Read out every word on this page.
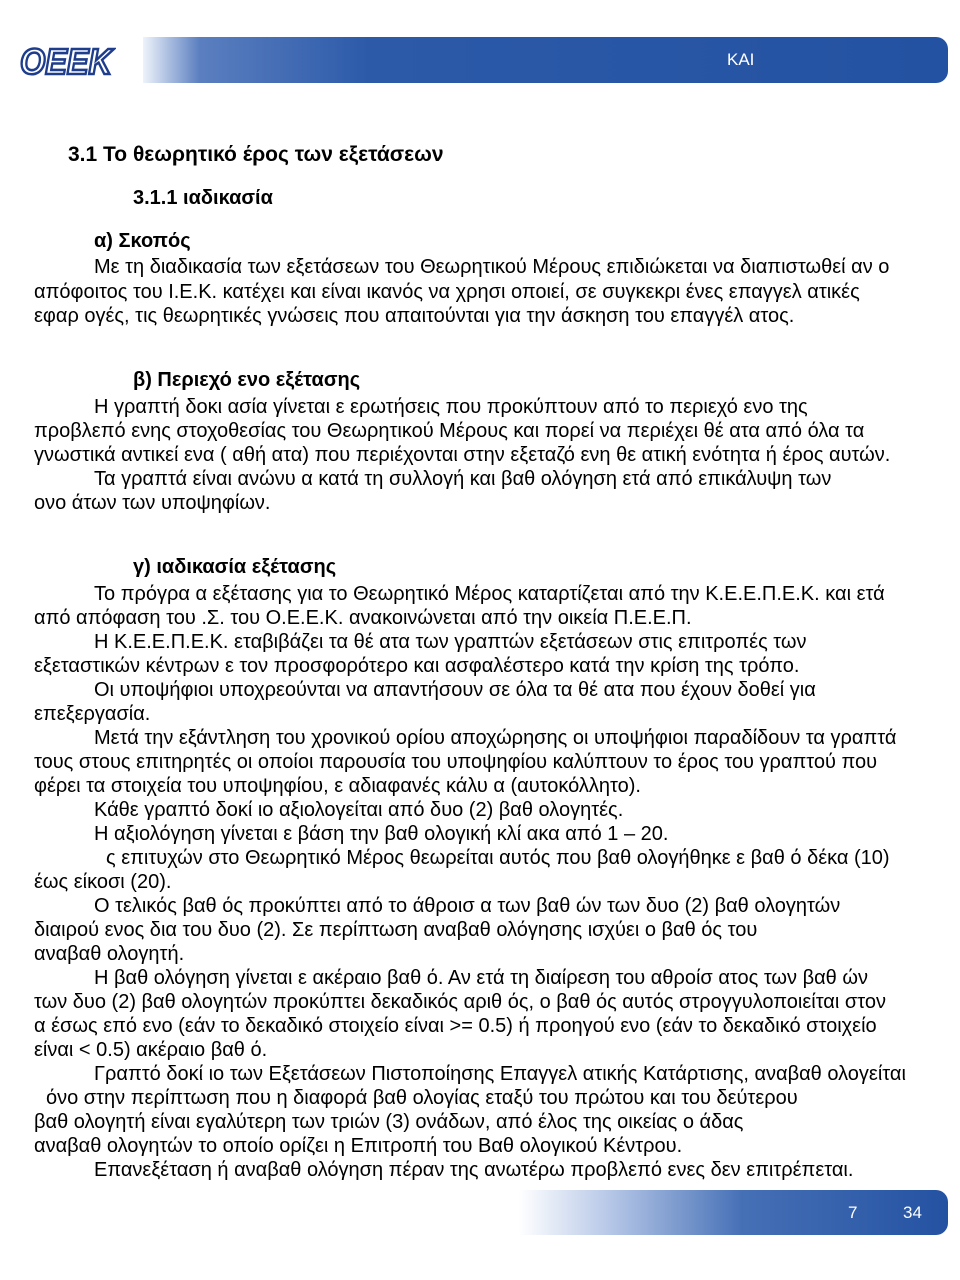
ΟΕΕΚ	ΚΑΙ
3.1 Το θεωρητικό έρος των εξετάσεων
3.1.1 ιαδικασία
α) Σκοπός
Με τη διαδικασία των εξετάσεων του Θεωρητικού Μέρους επιδιώκεται να διαπιστωθεί αν ο
απόφοιτος του Ι.Ε.Κ. κατέχει και είναι ικανός να χρησι οποιεί, σε συγκεκρι ένες επαγγελ ατικές
εφαρ ογές, τις θεωρητικές γνώσεις που απαιτούνται για την άσκηση του επαγγέλ ατος.
β) Περιεχό ενο εξέτασης
Η γραπτή δοκι ασία γίνεται ε ερωτήσεις που προκύπτουν από το περιεχό ενο της
προβλεπό ενης στοχοθεσίας του Θεωρητικού Μέρους και πορεί να περιέχει θέ ατα από όλα τα
γνωστικά αντικεί ενα ( αθή ατα) που περιέχονται στην εξεταζό ενη θε ατική ενότητα ή έρος αυτών.
Τα γραπτά είναι ανώνυ α κατά τη συλλογή και βαθ ολόγηση ετά από επικάλυψη των
ονο άτων των υποψηφίων.
γ) ιαδικασία εξέτασης
Το πρόγρα α εξέτασης για το Θεωρητικό Μέρος καταρτίζεται από την Κ.Ε.Ε.Π.Ε.Κ. και ετά
από απόφαση του .Σ. του Ο.Ε.Ε.Κ. ανακοινώνεται από την οικεία Π.Ε.Ε.Π.
Η Κ.Ε.Ε.Π.Ε.Κ. εταβιβάζει τα θέ ατα των γραπτών εξετάσεων στις επιτροπές των
εξεταστικών κέντρων ε τον προσφορότερο και ασφαλέστερο κατά την κρίση της τρόπο.
Οι υποψήφιοι υποχρεούνται να απαντήσουν σε όλα τα θέ ατα που έχουν δοθεί για
επεξεργασία.
Μετά την εξάντληση του χρονικού ορίου αποχώρησης οι υποψήφιοι παραδίδουν τα γραπτά
τους στους επιτηρητές οι οποίοι παρουσία του υποψηφίου καλύπτουν το έρος του γραπτού που
φέρει τα στοιχεία του υποψηφίου, ε αδιαφανές κάλυ α (αυτοκόλλητο).
Κάθε γραπτό δοκί ιο αξιολογείται από δυο (2) βαθ ολογητές.
Η αξιολόγηση γίνεται ε βάση την βαθ ολογική κλί ακα από 1 – 20.
ς επιτυχών στο Θεωρητικό Μέρος θεωρείται αυτός που βαθ ολογήθηκε ε βαθ ό δέκα (10)
έως είκοσι (20).
Ο τελικός βαθ ός προκύπτει από το άθροισ α των βαθ ών των δυο (2) βαθ ολογητών
διαιρού ενος δια του δυο (2). Σε περίπτωση αναβαθ ολόγησης ισχύει ο βαθ ός του
αναβαθ ολογητή.
Η βαθ ολόγηση γίνεται ε ακέραιο βαθ ό. Αν ετά τη διαίρεση του αθροίσ ατος των βαθ ών
των δυο (2) βαθ ολογητών προκύπτει δεκαδικός αριθ ός, ο βαθ ός αυτός στρογγυλοποιείται στον
α έσως επό ενο (εάν το δεκαδικό στοιχείο είναι >= 0.5) ή προηγού ενο (εάν το δεκαδικό στοιχείο
είναι < 0.5) ακέραιο βαθ ό.
Γραπτό δοκί ιο των Εξετάσεων Πιστοποίησης Επαγγελ ατικής Κατάρτισης, αναβαθ ολογείται
όνο στην περίπτωση που η διαφορά βαθ ολογίας εταξύ του πρώτου και του δεύτερου
βαθ ολογητή είναι εγαλύτερη των τριών (3) ονάδων, από έλος της οικείας ο άδας
αναβαθ ολογητών το οποίο ορίζει η Επιτροπή του Βαθ ολογικού Κέντρου.
Επανεξέταση ή αναβαθ ολόγηση πέραν της ανωτέρω προβλεπό ενες δεν επιτρέπεται.
7	34
